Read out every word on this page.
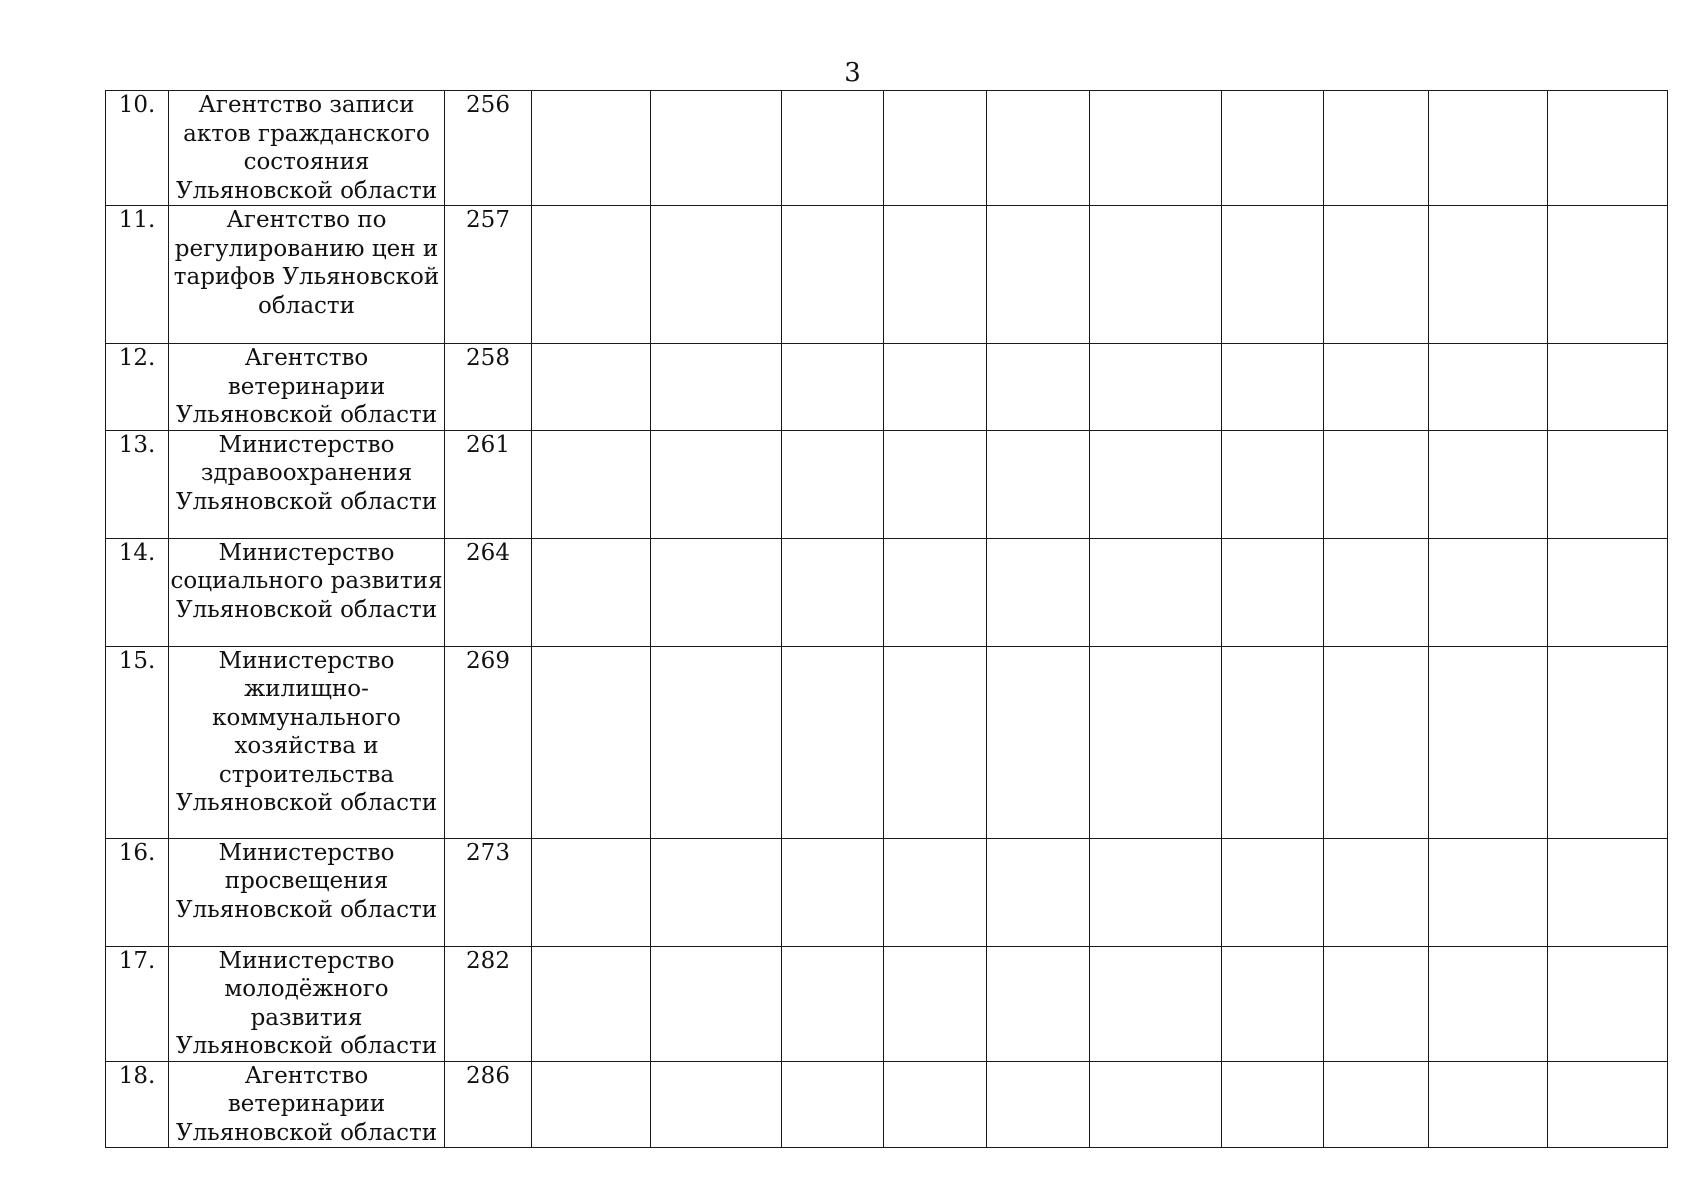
3
10.	Агентство записи актов гражданского состояния Ульяновской области	256										
11.	Агентство по регулированию цен и тарифов Ульяновской области	257										
12.	Агентство ветеринарии Ульяновской области	258										
13.	Министерство здравоохранения Ульяновской области	261										
14.	Министерство социального развития Ульяновской области	264										
15.	Министерство жилищно-коммунального хозяйства и строительства Ульяновской области	269										
16.	Министерство просвещения Ульяновской области	273										
17.	Министерство молодёжного развития Ульяновской области	282										
18.	Агентство ветеринарии Ульяновской области	286										
